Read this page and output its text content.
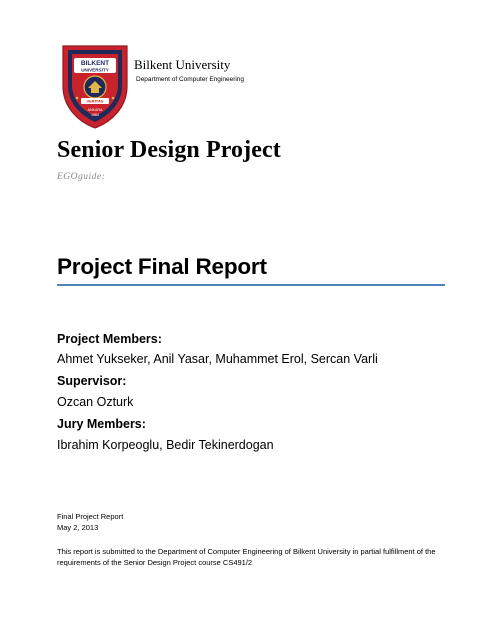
BILKENT
UNIVERSITY
VERITAS
ANKARA
1984
Bilkent University
Department of Computer Engineering
Senior Design Project
EGOguide:
Project Final Report
Project Members:
Ahmet Yukseker, Anil Yasar, Muhammet Erol, Sercan Varli
Supervisor:
Ozcan Ozturk
Jury Members:
Ibrahim Korpeoglu, Bedir Tekinerdogan
Final Project Report
May 2, 2013
This report is submitted to the Department of Computer Engineering of Bilkent University in partial fulfillment of the requirements of the Senior Design Project course CS491/2
